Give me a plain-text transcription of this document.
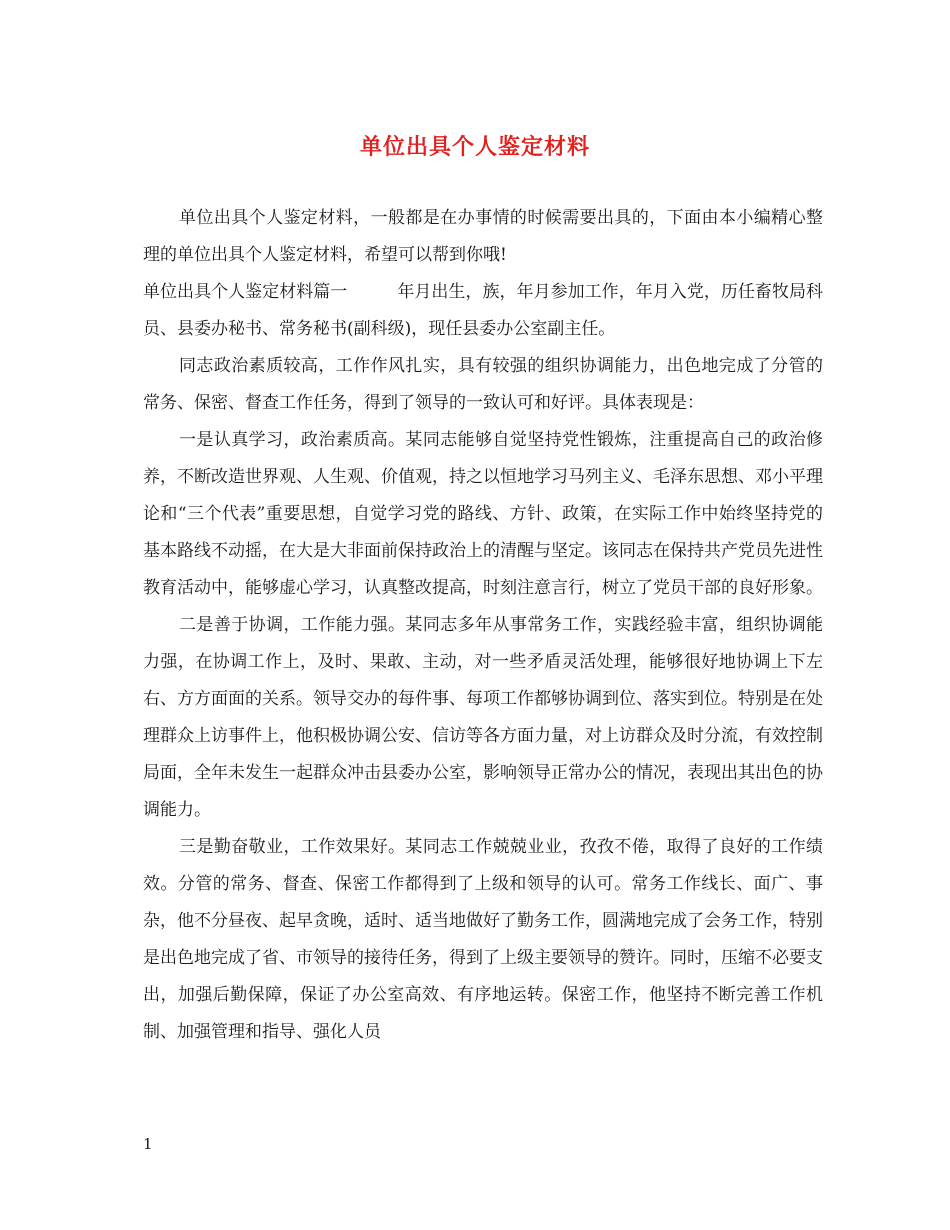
单位出具个人鉴定材料

单位出具个人鉴定材料，一般都是在办事情的时候需要出具的，下面由本小编精心整理的单位出具个人鉴定材料，希望可以帮到你哦!

单位出具个人鉴定材料篇一	年月出生，族，年月参加工作，年月入党，历任畜牧局科员、县委办秘书、常务秘书(副科级)，现任县委办公室副主任。

同志政治素质较高，工作作风扎实，具有较强的组织协调能力，出色地完成了分管的常务、保密、督查工作任务，得到了领导的一致认可和好评。具体表现是：

一是认真学习，政治素质高。某同志能够自觉坚持党性锻炼，注重提高自己的政治修养，不断改造世界观、人生观、价值观，持之以恒地学习马列主义、毛泽东思想、邓小平理论和“三个代表”重要思想，自觉学习党的路线、方针、政策，在实际工作中始终坚持党的基本路线不动摇，在大是大非面前保持政治上的清醒与坚定。该同志在保持共产党员先进性教育活动中，能够虚心学习，认真整改提高，时刻注意言行，树立了党员干部的良好形象。

二是善于协调，工作能力强。某同志多年从事常务工作，实践经验丰富，组织协调能力强，在协调工作上，及时、果敢、主动，对一些矛盾灵活处理，能够很好地协调上下左右、方方面面的关系。领导交办的每件事、每项工作都够协调到位、落实到位。特别是在处理群众上访事件上，他积极协调公安、信访等各方面力量，对上访群众及时分流，有效控制局面，全年未发生一起群众冲击县委办公室，影响领导正常办公的情况，表现出其出色的协调能力。

三是勤奋敬业，工作效果好。某同志工作兢兢业业，孜孜不倦，取得了良好的工作绩效。分管的常务、督查、保密工作都得到了上级和领导的认可。常务工作线长、面广、事杂，他不分昼夜、起早贪晚，适时、适当地做好了勤务工作，圆满地完成了会务工作，特别是出色地完成了省、市领导的接待任务，得到了上级主要领导的赞许。同时，压缩不必要支出，加强后勤保障，保证了办公室高效、有序地运转。保密工作，他坚持不断完善工作机制、加强管理和指导、强化人员

1
